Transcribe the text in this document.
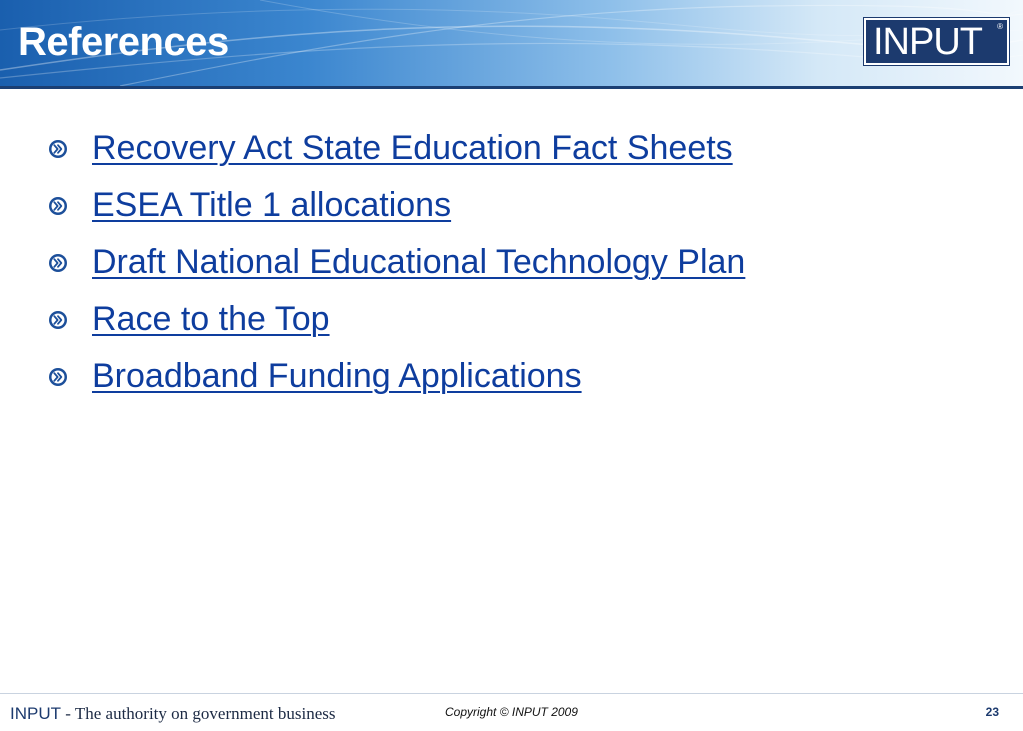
References	INPUT ®
Recovery Act State Education Fact Sheets
ESEA Title 1 allocations
Draft National Educational Technology Plan
Race to the Top
Broadband Funding Applications
INPUT - The authority on government business	Copyright © INPUT 2009	23
